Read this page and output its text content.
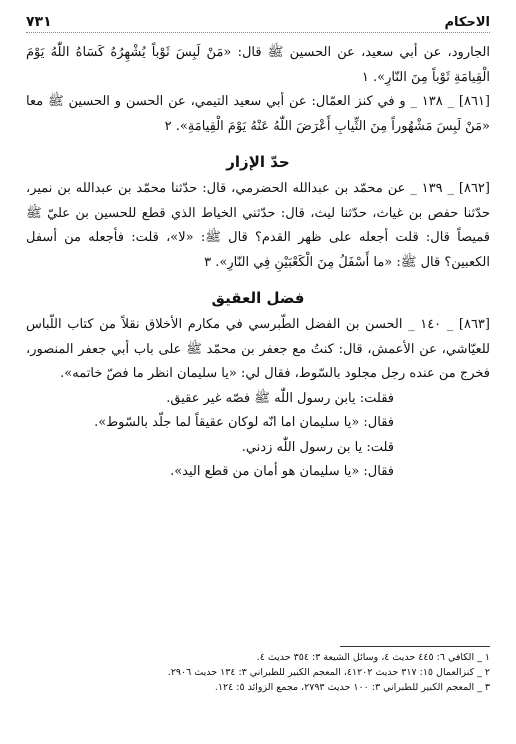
الاحكام
۷۳۱

الجارود، عن أبي سعيد، عن الحسين ﷺ قال: «مَنْ لَبِسَ ثَوْباً يُشْهِرُهُ كَسَاهُ اللّٰهُ يَوْمَ الْقِيامَةِ ثَوْباً مِنَ النّارِ». ١

[٨٦١] _ ١٣٨ _ و في كنز العمّال: عن أبي سعيد التيمي، عن الحسن و الحسين ﷺ معا «مَنْ لَبِسَ مَشْهُوراً مِنَ الثِّيابِ أَعْرَضَ اللّٰهُ عَنْهُ يَوْمَ الْقِيامَةِ». ٢

حدّ الإزار

[٨٦٢] _ ١٣٩ _ عن محمّد بن عبدالله الحضرمي، قال: حدّثنا محمّد بن عبدالله بن نمير، حدّثنا حفص بن غياث، حدّثنا ليث، قال: حدّثني الخياط الذي قطع للحسين بن عليّ ﷺ قميصاً قال: قلت أجعله على ظهر القدم؟ قال ﷺ: «لا»، قلت: فأجعله من أسفل الكعبين؟ قال ﷺ: «ما أَسْفَلُ مِنَ الْكَعْبَيْنِ فِي النّارِ». ٣

فضل العقيق

[٨٦٣] _ ١٤٠ _ الحسن بن الفضل الطّبرسي في مكارم الأخلاق نقلاً من كتاب اللّباس للعيّاشي، عن الأعمش، قال: كنتُ مع جعفر بن محمّد ﷺ على باب أبي جعفر المنصور، فخرج من عنده رجل مجلود بالسّوط، فقال لي: «يا سليمان انظر ما فصّ خاتمه».

فقلت: يابن رسول اللّٰه ﷺ فصّه غير عقيق.

فقال: «يا سليمان اما انّه لوكان عقيقاً لما جلّد بالسّوط».

قلت: يا بن رسول اللّٰه زدني.

فقال: «يا سليمان هو أمان من قطع اليد».

١ _ الكافي ٦: ٤٤٥ حديث ٤، وسائل الشيعة ٣: ٣٥٤ حديث ٤.
٢ _ كنزالعمال ١٥: ٣١٧ حديث ٤١٢٠٢، المعجم الكبير للطبراني ٣: ١٣٤ حديث ٢٩٠٦.
٣ _ المعجم الكبير للطبراني ٣: ١٠٠ حديث ٢٧٩٣، مجمع الزوائد ٥: ١٢٤.
